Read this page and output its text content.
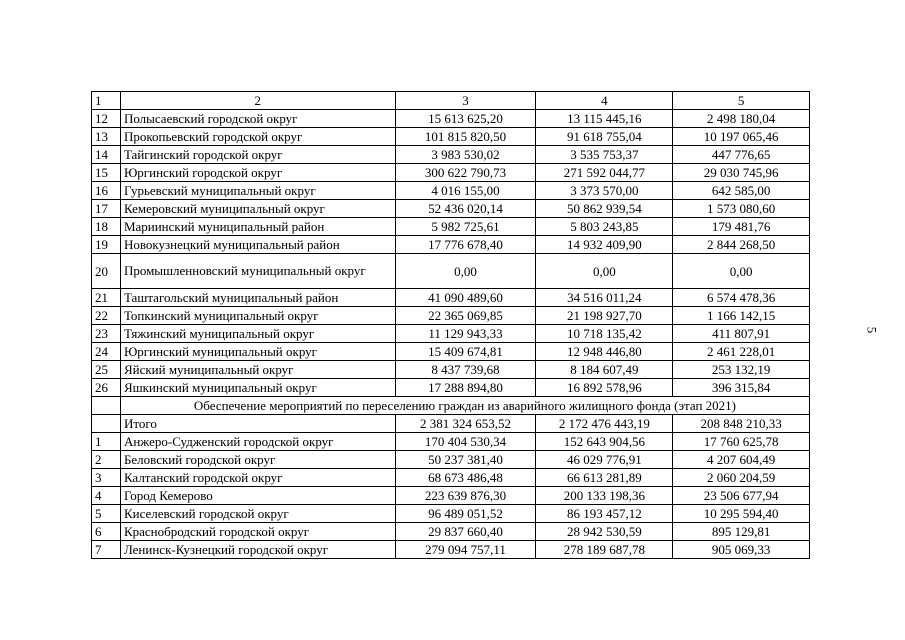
1	2	3	4	5
12	Полысаевский городской округ	15 613 625,20	13 115 445,16	2 498 180,04
13	Прокопьевский городской округ	101 815 820,50	91 618 755,04	10 197 065,46
14	Тайгинский городской округ	3 983 530,02	3 535 753,37	447 776,65
15	Юргинский городской округ	300 622 790,73	271 592 044,77	29 030 745,96
16	Гурьевский муниципальный округ	4 016 155,00	3 373 570,00	642 585,00
17	Кемеровский муниципальный округ	52 436 020,14	50 862 939,54	1 573 080,60
18	Мариинский муниципальный район	5 982 725,61	5 803 243,85	179 481,76
19	Новокузнецкий муниципальный район	17 776 678,40	14 932 409,90	2 844 268,50
20	Промышленновский муниципальный округ	0,00	0,00	0,00
21	Таштагольский муниципальный район	41 090 489,60	34 516 011,24	6 574 478,36
22	Топкинский муниципальный округ	22 365 069,85	21 198 927,70	1 166 142,15
23	Тяжинский муниципальный округ	11 129 943,33	10 718 135,42	411 807,91
24	Юргинский муниципальный округ	15 409 674,81	12 948 446,80	2 461 228,01
25	Яйский муниципальный округ	8 437 739,68	8 184 607,49	253 132,19
26	Яшкинский муниципальный округ	17 288 894,80	16 892 578,96	396 315,84
	Обеспечение мероприятий по переселению граждан из аварийного жилищного фонда (этап 2021)			
	Итого	2 381 324 653,52	2 172 476 443,19	208 848 210,33
1	Анжеро-Судженский городской округ	170 404 530,34	152 643 904,56	17 760 625,78
2	Беловский городской округ	50 237 381,40	46 029 776,91	4 207 604,49
3	Калтанский городской округ	68 673 486,48	66 613 281,89	2 060 204,59
4	Город Кемерово	223 639 876,30	200 133 198,36	23 506 677,94
5	Киселевский городской округ	96 489 051,52	86 193 457,12	10 295 594,40
6	Краснобродский городской округ	29 837 660,40	28 942 530,59	895 129,81
7	Ленинск-Кузнецкий городской округ	279 094 757,11	278 189 687,78	905 069,33
5
